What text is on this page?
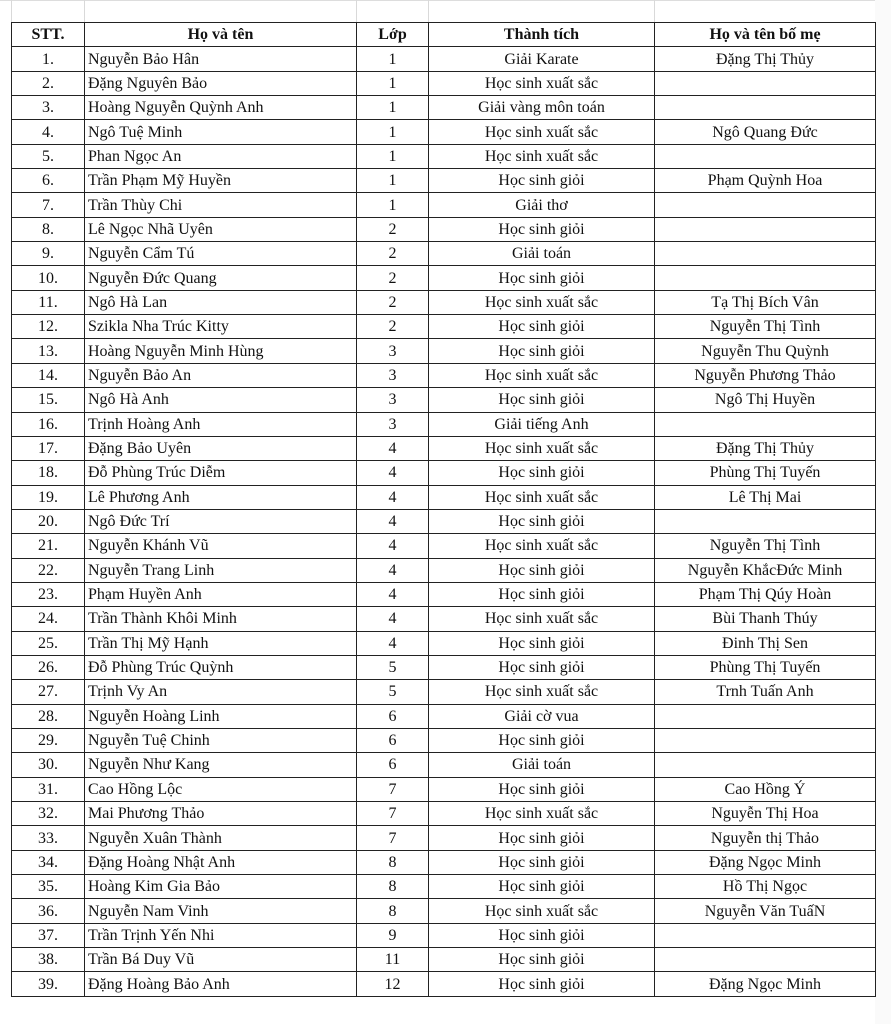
STT.	Họ và tên	Lớp	Thành tích	Họ và tên bố mẹ
1.	Nguyễn Bảo Hân	1	Giải Karate	Đặng Thị Thủy
2.	Đặng Nguyên Bảo	1	Học sinh xuất sắc	
3.	Hoàng Nguyễn Quỳnh Anh	1	Giải vàng môn toán	
4.	Ngô Tuệ Minh	1	Học sinh xuất sắc	Ngô Quang Đức
5.	Phan Ngọc An	1	Học sinh xuất sắc	
6.	Trần Phạm Mỹ Huyền	1	Học sinh giỏi	Phạm Quỳnh Hoa
7.	Trần Thùy Chi	1	Giải thơ	
8.	Lê Ngọc Nhã Uyên	2	Học sinh giỏi	
9.	Nguyễn Cẩm Tú	2	Giải toán	
10.	Nguyễn Đức Quang	2	Học sinh giỏi	
11.	Ngô Hà Lan	2	Học sinh xuất sắc	Tạ Thị Bích Vân
12.	Szikla Nha Trúc Kitty	2	Học sinh giỏi	Nguyễn Thị Tình
13.	Hoàng Nguyễn Minh Hùng	3	Học sinh giỏi	Nguyễn Thu Quỳnh
14.	Nguyễn Bảo An	3	Học sinh xuất sắc	Nguyễn Phương Thảo
15.	Ngô Hà Anh	3	Học sinh giỏi	Ngô Thị Huyền
16.	Trịnh Hoàng Anh	3	Giải tiếng Anh	
17.	Đặng Bảo Uyên	4	Học sinh xuất sắc	Đặng Thị Thủy
18.	Đỗ Phùng Trúc Diễm	4	Học sinh giỏi	Phùng Thị Tuyến
19.	Lê Phương Anh	4	Học sinh xuất sắc	Lê Thị Mai
20.	Ngô Đức Trí	4	Học sinh giỏi	
21.	Nguyễn Khánh Vũ	4	Học sinh xuất sắc	Nguyễn Thị Tình
22.	Nguyễn Trang Linh	4	Học sinh giỏi	Nguyễn KhắcĐức Minh
23.	Phạm Huyền Anh	4	Học sinh giỏi	Phạm Thị Qúy Hoàn
24.	Trần Thành Khôi Minh	4	Học sinh xuất sắc	Bùi Thanh Thúy
25.	Trần Thị Mỹ Hạnh	4	Học sinh giỏi	Đinh Thị Sen
26.	Đỗ Phùng Trúc Quỳnh	5	Học sinh giỏi	Phùng Thị Tuyến
27.	Trịnh Vy An	5	Học sinh xuất sắc	Trnh Tuấn Anh
28.	Nguyễn Hoàng Linh	6	Giải cờ vua	
29.	Nguyễn Tuệ Chinh	6	Học sinh giỏi	
30.	Nguyễn Như Kang	6	Giải toán	
31.	Cao Hồng Lộc	7	Học sinh giỏi	Cao Hồng Ý
32.	Mai Phương Thảo	7	Học sinh xuất sắc	Nguyễn Thị Hoa
33.	Nguyễn Xuân Thành	7	Học sinh giỏi	Nguyễn thị Thảo
34.	Đặng Hoàng Nhật Anh	8	Học sinh giỏi	Đặng Ngọc Minh
35.	Hoàng Kim Gia Bảo	8	Học sinh giỏi	Hồ Thị Ngọc
36.	Nguyễn Nam Vinh	8	Học sinh xuất sắc	Nguyễn Văn TuấN
37.	Trần Trịnh Yến Nhi	9	Học sinh giỏi	
38.	Trần Bá Duy Vũ	11	Học sinh giỏi	
39.	Đặng Hoàng Bảo Anh	12	Học sinh giỏi	Đặng Ngọc Minh
